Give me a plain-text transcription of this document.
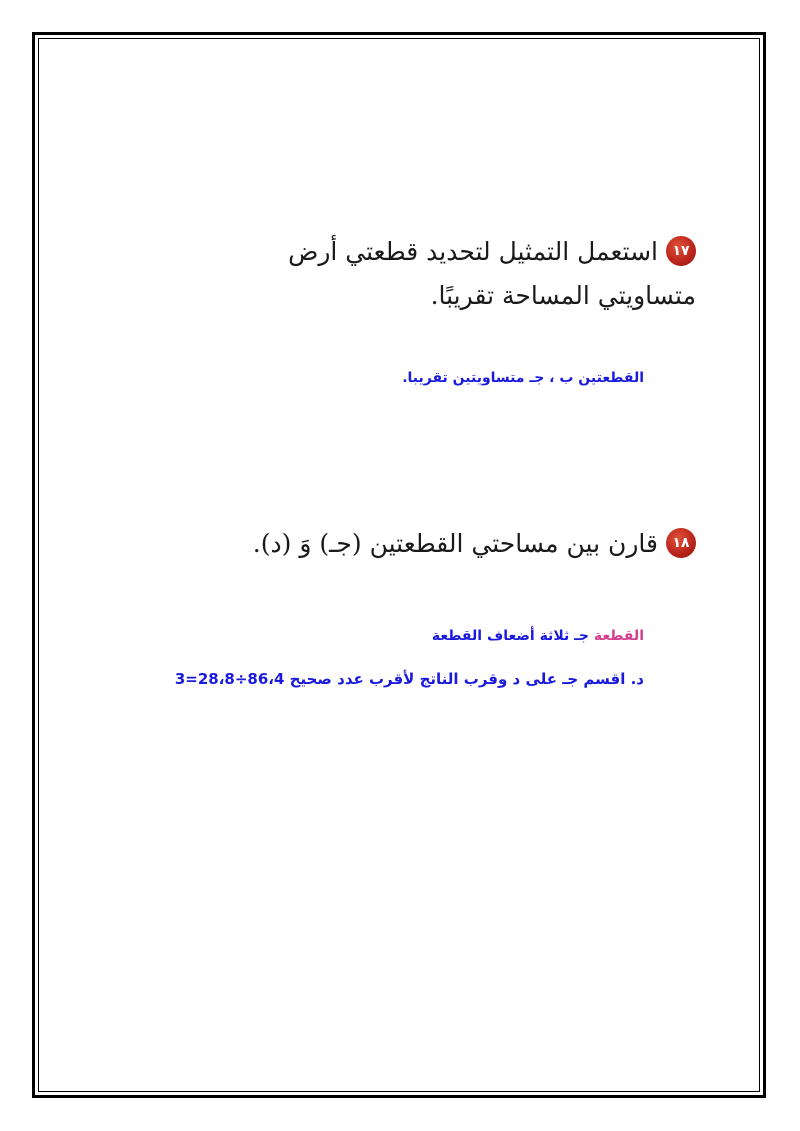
١٧استعمل التمثيل لتحديد قطعتي أرض متساويتي المساحة تقريبًا.
القطعتين ب ، جـ متساويتين تقريبا.
١٨قارن بين مساحتي القطعتين (جـ) وَ (د).
القطعة جـ ثلاثة أضعاف القطعة
د. اقسم جـ على د وقرب الناتج لأقرب عدد صحيح 86،4÷28،8=3
